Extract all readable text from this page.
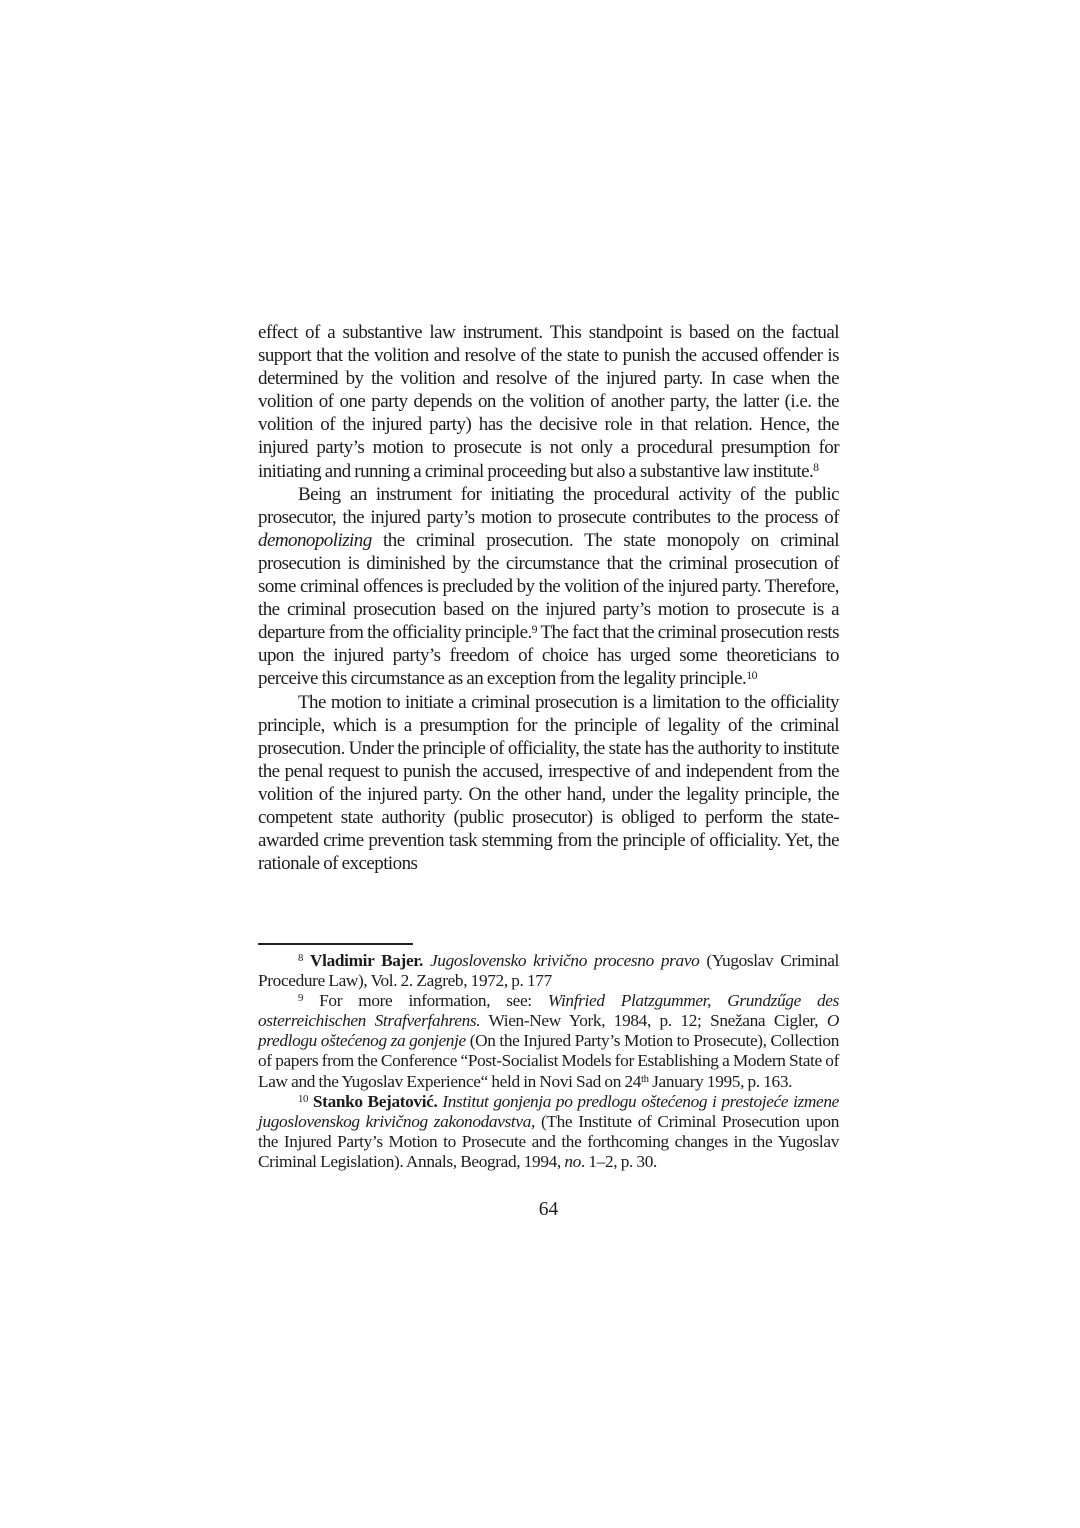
effect of a substantive law instrument. This standpoint is based on the factual support that the volition and resolve of the state to punish the accused offender is determined by the volition and resolve of the injured party. In case when the volition of one party depends on the volition of another party, the latter (i.e. the volition of the injured party) has the decisive role in that relation. Hence, the injured party’s motion to prosecute is not only a procedural presumption for initiating and running a criminal proceeding but also a substantive law institute.$^8$

Being an instrument for initiating the procedural activity of the public prosecutor, the injured party’s motion to prosecute contributes to the process of demonopolizing the criminal prosecution. The state monopoly on criminal prosecution is diminished by the circumstance that the criminal prosecution of some criminal offences is precluded by the volition of the injured party. Therefore, the criminal prosecution based on the injured party’s motion to prosecute is a departure from the officiality principle.$^9$ The fact that the criminal prosecution rests upon the injured party’s freedom of choice has urged some theoreticians to perceive this circumstance as an exception from the legality principle.$^{10}$

The motion to initiate a criminal prosecution is a limitation to the officiality principle, which is a presumption for the principle of legality of the criminal prosecution. Under the principle of officiality, the state has the authority to institute the penal request to punish the accused, irrespective of and independent from the volition of the injured party. On the other hand, under the legality principle, the competent state authority (public prosecutor) is obliged to perform the state-awarded crime prevention task stemming from the principle of officiality. Yet, the rationale of exceptions

$^8$ Vladimir Bajer. Jugoslovensko krivično procesno pravo (Yugoslav Criminal Procedure Law), Vol. 2. Zagreb, 1972, p. 177

$^9$ For more information, see: Winfried Platzgummer, Grundzűge des osterreichischen Strafverfahrens. Wien-New York, 1984, p. 12; Snežana Cigler, O predlogu oštećenog za gonjenje (On the Injured Party’s Motion to Prosecute), Collection of papers from the Conference “Post-Socialist Models for Establishing a Modern State of Law and the Yugoslav Experience“ held in Novi Sad on 24th January 1995, p. 163.

$^{10}$ Stanko Bejatović. Institut gonjenja po predlogu oštećenog i prestojeće izmene jugoslovenskog krivičnog zakonodavstva, (The Institute of Criminal Prosecution upon the Injured Party’s Motion to Prosecute and the forthcoming changes in the Yugoslav Criminal Legislation). Annals, Beograd, 1994, no. 1–2, p. 30.

64
